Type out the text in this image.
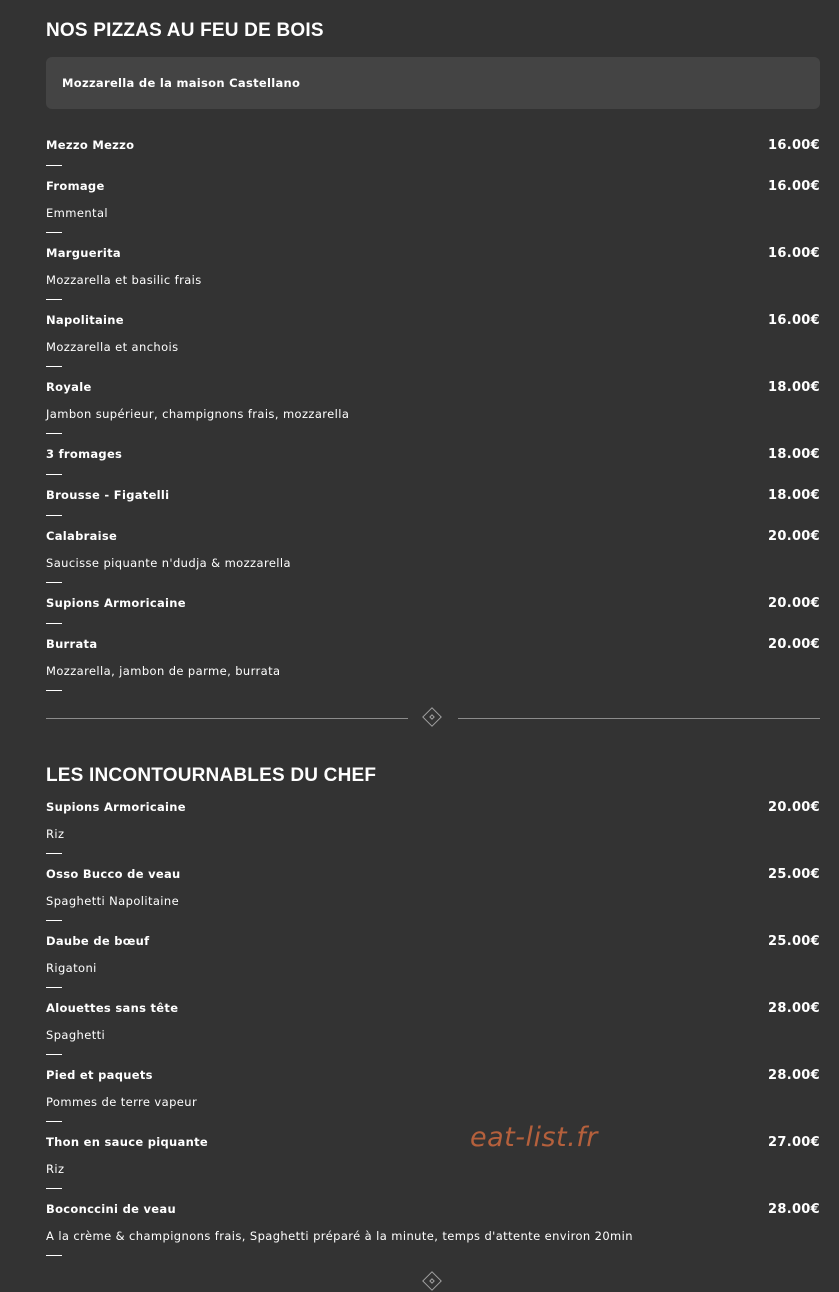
NOS PIZZAS AU FEU DE BOIS
Mozzarella de la maison Castellano
Mezzo Mezzo	16.00€
Fromage	16.00€
Emmental
Marguerita	16.00€
Mozzarella et basilic frais
Napolitaine	16.00€
Mozzarella et anchois
Royale	18.00€
Jambon supérieur, champignons frais, mozzarella
3 fromages	18.00€
Brousse - Figatelli	18.00€
Calabraise	20.00€
Saucisse piquante n'dudja & mozzarella
Supions Armoricaine	20.00€
Burrata	20.00€
Mozzarella, jambon de parme, burrata
LES INCONTOURNABLES DU CHEF
Supions Armoricaine	20.00€
Riz
Osso Bucco de veau	25.00€
Spaghetti Napolitaine
Daube de bœuf	25.00€
Rigatoni
Alouettes sans tête	28.00€
Spaghetti
Pied et paquets	28.00€
Pommes de terre vapeur
Thon en sauce piquante	27.00€
Riz
Boconccini de veau	28.00€
A la crème & champignons frais, Spaghetti préparé à la minute, temps d'attente environ 20min
eat-list.fr
